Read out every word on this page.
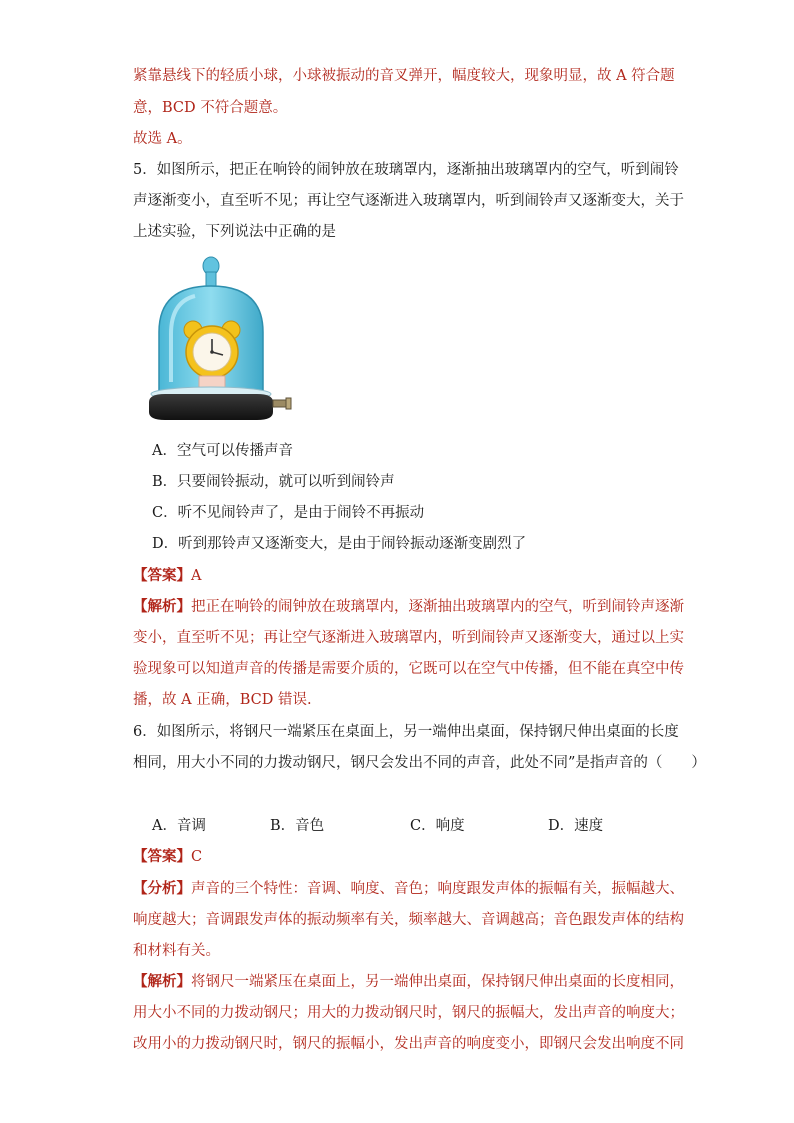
紧靠悬线下的轻质小球，小球被振动的音叉弹开，幅度较大，现象明显，故 A 符合题
意，BCD 不符合题意。
故选 A。
5．如图所示，把正在响铃的闹钟放在玻璃罩内，逐渐抽出玻璃罩内的空气，听到闹铃
声逐渐变小，直至听不见；再让空气逐渐进入玻璃罩内，听到闹铃声又逐渐变大，关于
上述实验，下列说法中正确的是
A．空气可以传播声音
B．只要闹铃振动，就可以听到闹铃声
C．听不见闹铃声了，是由于闹铃不再振动
D．听到那铃声又逐渐变大，是由于闹铃振动逐渐变剧烈了
【答案】A
【解析】把正在响铃的闹钟放在玻璃罩内，逐渐抽出玻璃罩内的空气，听到闹铃声逐渐
变小，直至听不见；再让空气逐渐进入玻璃罩内，听到闹铃声又逐渐变大，通过以上实
验现象可以知道声音的传播是需要介质的，它既可以在空气中传播，但不能在真空中传
播，故 A 正确，BCD 错误.
6．如图所示，将钢尺一端紧压在桌面上，另一端伸出桌面，保持钢尺伸出桌面的长度
相同，用大小不同的力拨动钢尺，钢尺会发出不同的声音，此处不同”是指声音的（　　）
A．音调	B．音色	C．响度	D．速度
【答案】C
【分析】声音的三个特性：音调、响度、音色；响度跟发声体的振幅有关，振幅越大、
响度越大；音调跟发声体的振动频率有关，频率越大、音调越高；音色跟发声体的结构
和材料有关。
【解析】将钢尺一端紧压在桌面上，另一端伸出桌面，保持钢尺伸出桌面的长度相同，
用大小不同的力拨动钢尺；用大的力拨动钢尺时，钢尺的振幅大，发出声音的响度大；
改用小的力拨动钢尺时，钢尺的振幅小，发出声音的响度变小，即钢尺会发出响度不同
